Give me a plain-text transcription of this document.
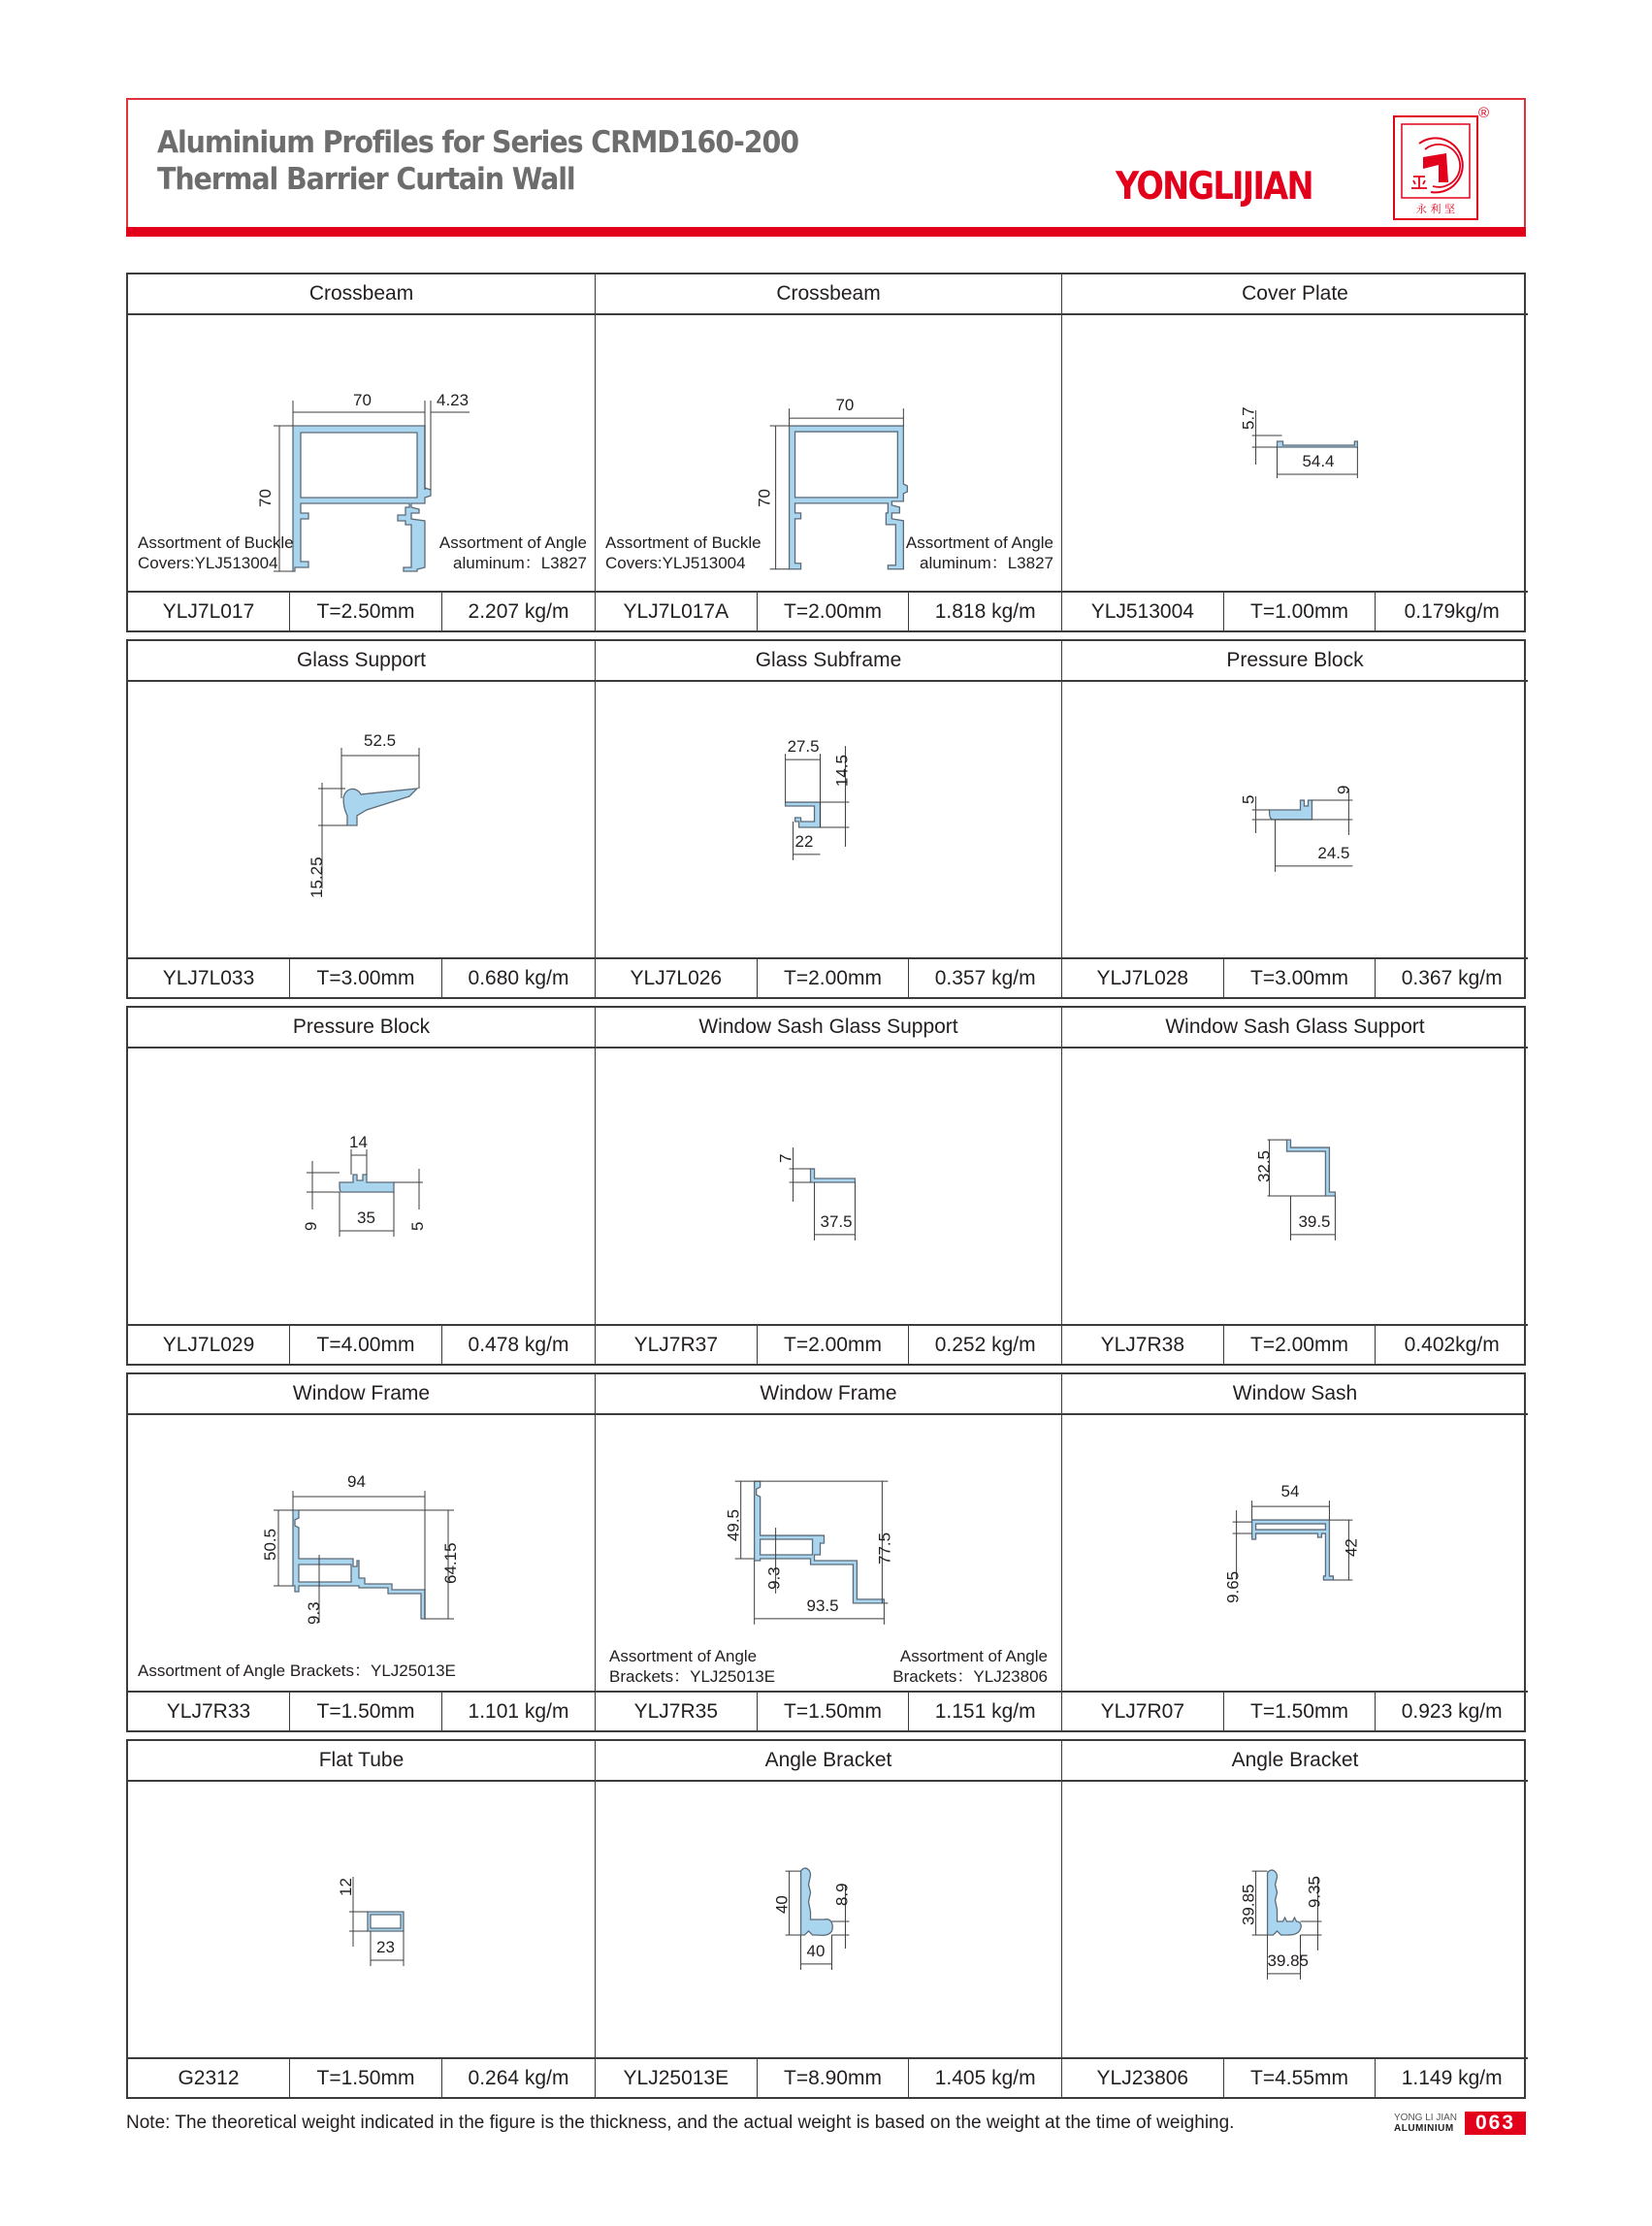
Aluminium Profiles for Series CRMD160-200
Thermal Barrier Curtain Wall	YONGLIJIAN
永 利 坚
®
Crossbeam
70	4.23
70
Assortment of Buckle
Covers:YLJ513004
Assortment of Angle
aluminum：L3827
YLJ7L017	T=2.50mm	2.207 kg/m
Crossbeam
70
70
Assortment of Buckle
Covers:YLJ513004
Assortment of Angle
aluminum：L3827
YLJ7L017A	T=2.00mm	1.818 kg/m
Cover Plate
5.7
54.4
YLJ513004	T=1.00mm	0.179kg/m
Glass Support
52.5
15.25
YLJ7L033	T=3.00mm	0.680 kg/m
Glass Subframe
27.5
14.5
22
YLJ7L026	T=2.00mm	0.357 kg/m
Pressure Block
5
9
24.5
YLJ7L028	T=3.00mm	0.367 kg/m
Pressure Block
14
9 35 5
YLJ7L029	T=4.00mm	0.478 kg/m
Window Sash Glass Support
7
37.5
YLJ7R37	T=2.00mm	0.252 kg/m
Window Sash Glass Support
32.5
39.5
YLJ7R38	T=2.00mm	0.402kg/m
Window Frame
94
50.5	64.15
9.3
Assortment of Angle Brackets：YLJ25013E
YLJ7R33	T=1.50mm	1.101 kg/m
Window Frame
49.5
77.5
9.3
93.5
Assortment of Angle
Brackets：YLJ25013E
Assortment of Angle
Brackets：YLJ23806
YLJ7R35	T=1.50mm	1.151 kg/m
Window Sash
54
9.65
42
YLJ7R07	T=1.50mm	0.923 kg/m
Flat Tube
12
23
G2312	T=1.50mm	0.264 kg/m
Angle Bracket
40	8.9
40
YLJ25013E	T=8.90mm	1.405 kg/m
Angle Bracket
39.85	9.35
39.85
YLJ23806	T=4.55mm	1.149 kg/m
Note: The theoretical weight indicated in the figure is the thickness, and the actual weight is based on the weight at the time of weighing.	YONG LI JIAN
ALUMINIUM	063
